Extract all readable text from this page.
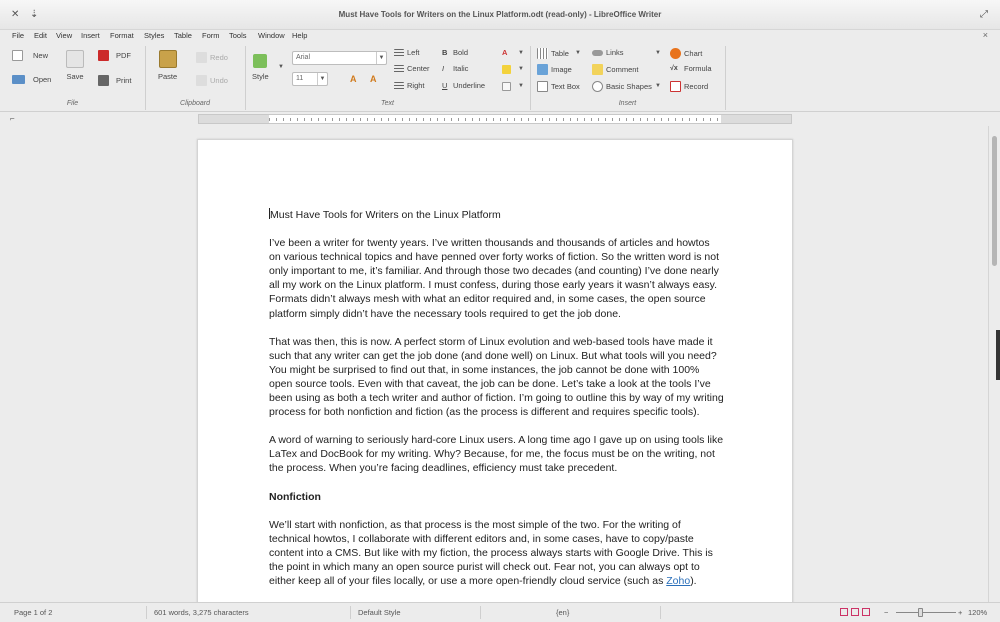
✕ ⇣	Must Have Tools for Writers on the Linux Platform.odt (read-only) - LibreOffice Writer	⤢
File Edit View Insert Format Styles Table Form Tools Window Help	×
New
Open Save
PDF
Print
File
Paste
Redo
Undo
Clipboard
Style
▼
Arial	▼
11	▼	A A
Left
Center
Right
B Bold
I	Italic
U Underline
A ▼
▼
▼
Text
Table ▼
Image
Text Box
Links	▼
Comment
Basic Shapes ▼
Chart
√x Formula
Record
Insert
⌐
Must Have Tools for Writers on the Linux Platform

I’ve been a writer for twenty years. I’ve written thousands and thousands of articles and howtos on various technical topics and have penned over forty works of fiction. So the written word is not only important to me, it’s familiar. And through those two decades (and counting) I’ve done nearly all my work on the Linux platform. I must confess, during those early years it wasn’t always easy. Formats didn’t always mesh with what an editor required and, in some cases, the open source platform simply didn’t have the necessary tools required to get the job done.

That was then, this is now. A perfect storm of Linux evolution and web-based tools have made it such that any writer can get the job done (and done well) on Linux. But what tools will you need? You might be surprised to find out that, in some instances, the job cannot be done with 100% open source tools. Even with that caveat, the job can be done. Let’s take a look at the tools I’ve been using as both a tech writer and author of fiction. I’m going to outline this by way of my writing process for both nonfiction and fiction (as the process is different and requires specific tools).

A word of warning to seriously hard-core Linux users. A long time ago I gave up on using tools like LaTex and DocBook for my writing. Why? Because, for me, the focus must be on the writing, not the process. When you’re facing deadlines, efficiency must take precedent.

Nonfiction

We’ll start with nonfiction, as that process is the most simple of the two. For the writing of technical howtos, I collaborate with different editors and, in some cases, have to copy/paste content into a CMS. But like with my fiction, the process always starts with Google Drive. This is the point in which many an open source purist will check out. Fear not, you can always opt to either keep all of your files locally, or use a more open-friendly cloud service (such as Zoho).

Page 1 of 2	601 words, 3,275 characters	Default Style	{en}	−	+ 120%
